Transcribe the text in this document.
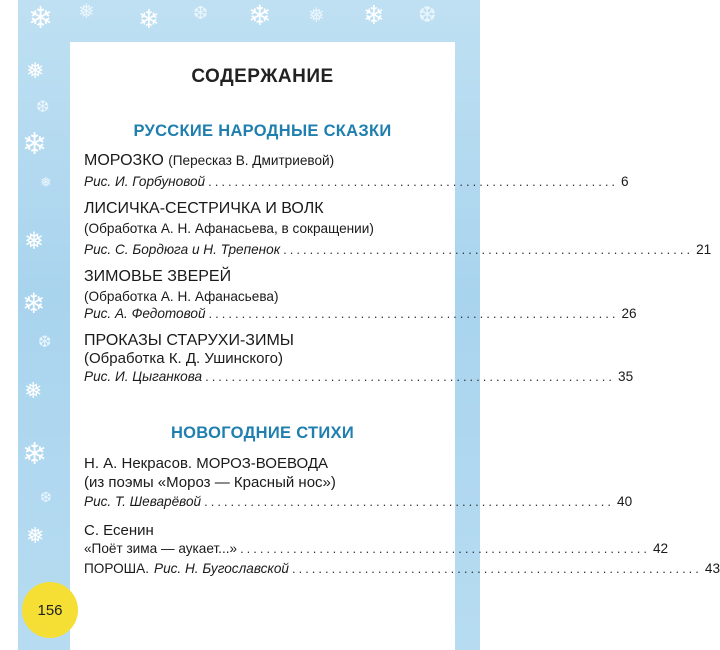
❄ ❅ ❄ ❆ ❄ ❅ ❄ ❆
❅
❆
❄
❅
❅
❄
❆
❅
❄
❆
❅
СОДЕРЖАНИЕ
РУССКИЕ НАРОДНЫЕ СКАЗКИ
МОРОЗКО (Пересказ В. Дмитриевой)
Рис. И. Горбуновой .............................................................. 6
ЛИСИЧКА-СЕСТРИЧКА И ВОЛК
(Обработка А. Н. Афанасьева, в сокращении)
Рис. С. Бордюга и Н. Трепенок .............................................................. 21
ЗИМОВЬЕ ЗВЕРЕЙ
(Обработка А. Н. Афанасьева)
Рис. А. Федотовой .............................................................. 26
ПРОКАЗЫ СТАРУХИ-ЗИМЫ
(Обработка К. Д. Ушинского)
Рис. И. Цыганкова .............................................................. 35
НОВОГОДНИЕ СТИХИ
Н. А. Некрасов. МОРОЗ-ВОЕВОДА
(из поэмы «Мороз — Красный нос»)
Рис. Т. Шеварёвой .............................................................. 40
С. Есенин
«Поёт зима — аукает...» .............................................................. 42
ПОРОША. Рис. Н. Бугославской .............................................................. 43
156
